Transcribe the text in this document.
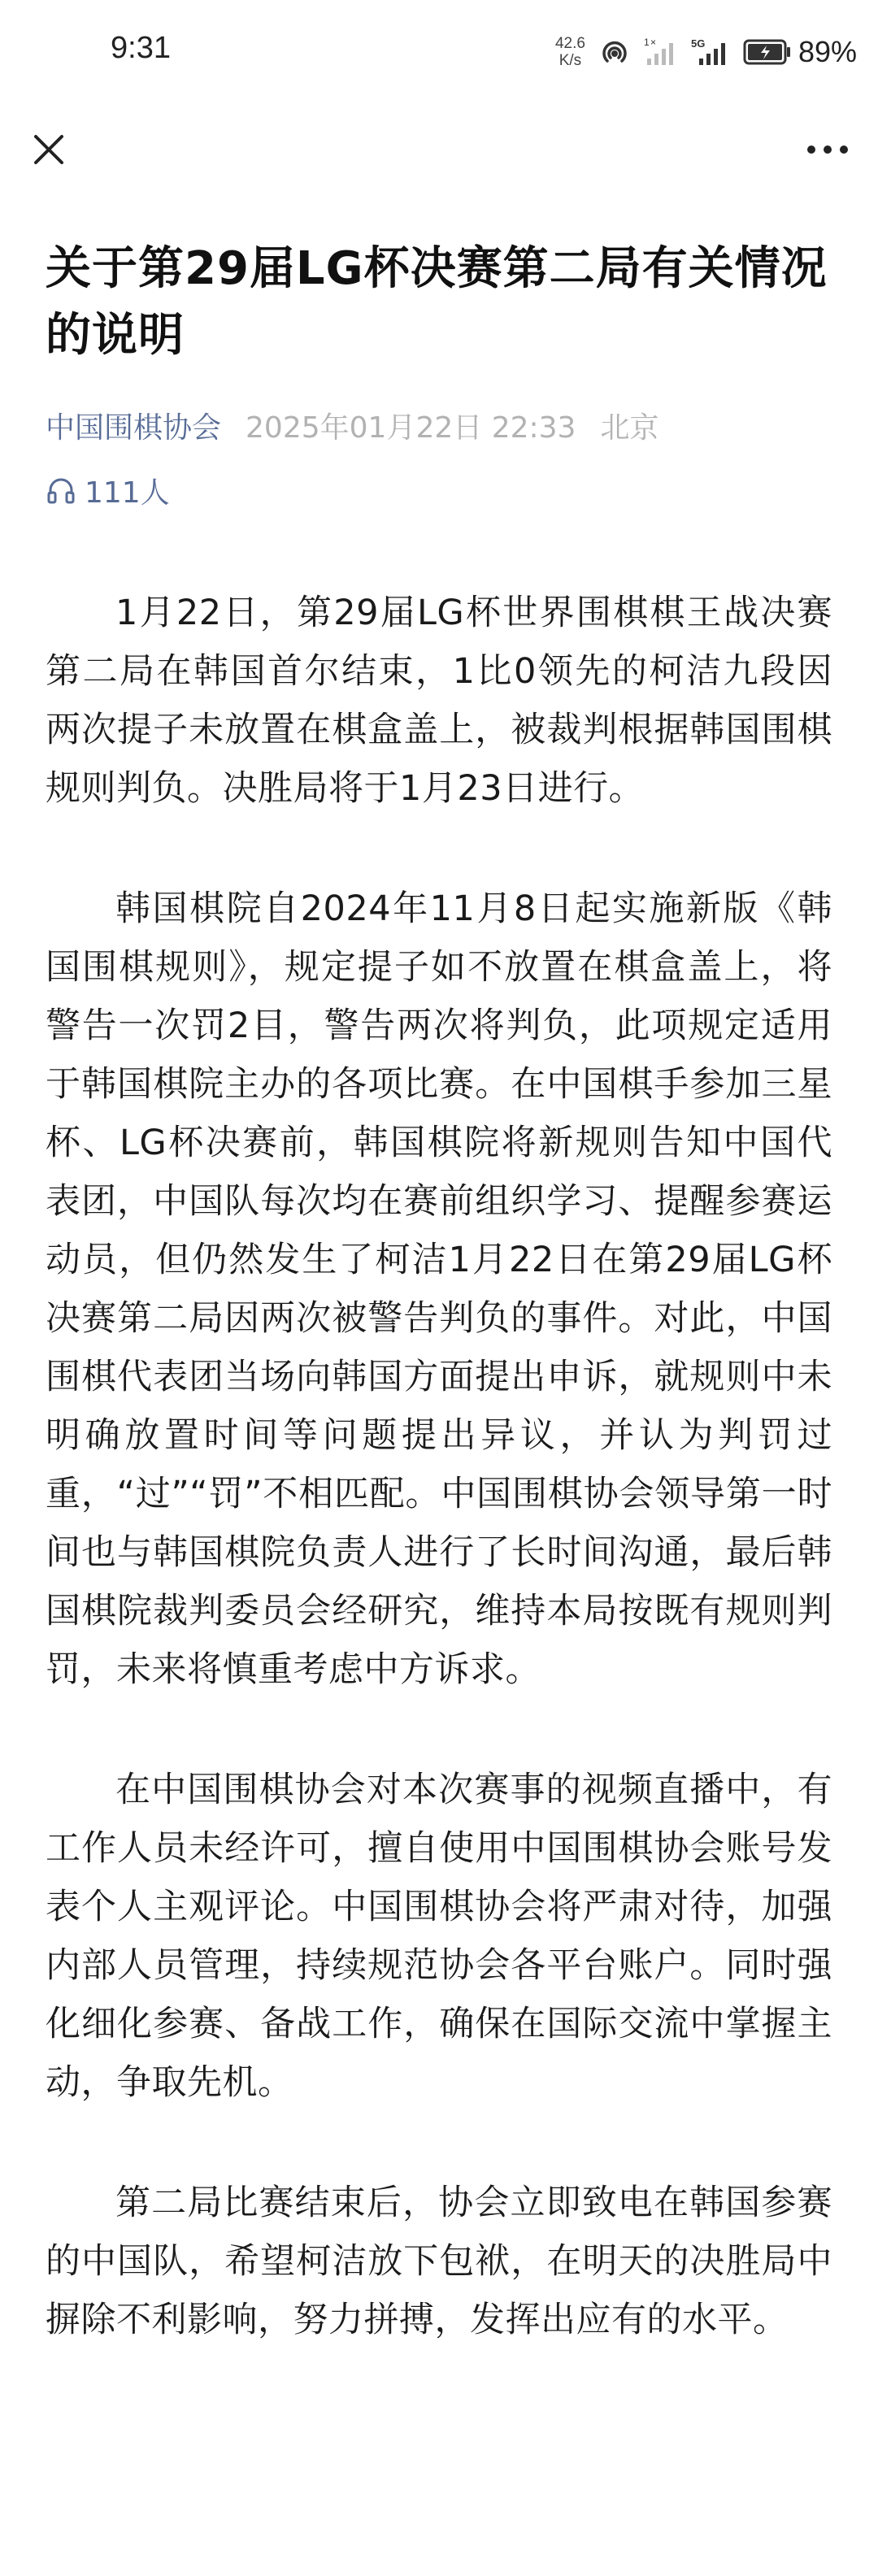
9:31	42.6
K/s
1 ×	5G	89%
关于第29届LG杯决赛第二局有关情况的说明
中国围棋协会 2025年01月22日 22:33 北京
111人

1月22日，第29届LG杯世界围棋棋王战决赛第二局在韩国首尔结束，1比0领先的柯洁九段因两次提子未放置在棋盒盖上，被裁判根据韩国围棋规则判负。决胜局将于1月23日进行。

韩国棋院自2024年11月8日起实施新版《韩国围棋规则》，规定提子如不放置在棋盒盖上，将警告一次罚2目，警告两次将判负，此项规定适用于韩国棋院主办的各项比赛。在中国棋手参加三星杯、LG杯决赛前，韩国棋院将新规则告知中国代表团，中国队每次均在赛前组织学习、提醒参赛运动员，但仍然发生了柯洁1月22日在第29届LG杯决赛第二局因两次被警告判负的事件。对此，中国围棋代表团当场向韩国方面提出申诉，就规则中未明确放置时间等问题提出异议，并认为判罚过重，“过”“罚”不相匹配。中国围棋协会领导第一时间也与韩国棋院负责人进行了长时间沟通，最后韩国棋院裁判委员会经研究，维持本局按既有规则判罚，未来将慎重考虑中方诉求。

在中国围棋协会对本次赛事的视频直播中，有工作人员未经许可，擅自使用中国围棋协会账号发表个人主观评论。中国围棋协会将严肃对待，加强内部人员管理，持续规范协会各平台账户。同时强化细化参赛、备战工作，确保在国际交流中掌握主动，争取先机。

第二局比赛结束后，协会立即致电在韩国参赛的中国队，希望柯洁放下包袱，在明天的决胜局中摒除不利影响，努力拼搏，发挥出应有的水平。
